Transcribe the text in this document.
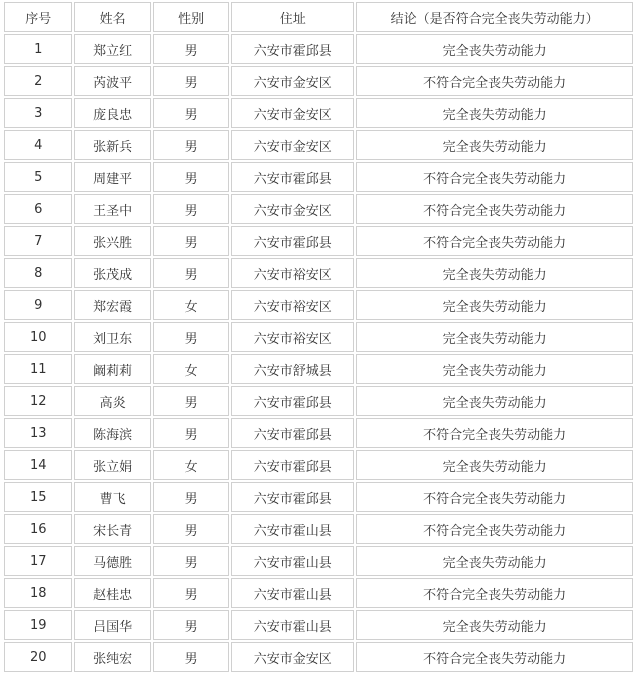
序号	姓名	性别	住址	结论（是否符合完全丧失劳动能力）
1	郑立红	男	六安市霍邱县	完全丧失劳动能力
2	芮波平	男	六安市金安区	不符合完全丧失劳动能力
3	庞良忠	男	六安市金安区	完全丧失劳动能力
4	张新兵	男	六安市金安区	完全丧失劳动能力
5	周建平	男	六安市霍邱县	不符合完全丧失劳动能力
6	王圣中	男	六安市金安区	不符合完全丧失劳动能力
7	张兴胜	男	六安市霍邱县	不符合完全丧失劳动能力
8	张茂成	男	六安市裕安区	完全丧失劳动能力
9	郑宏霞	女	六安市裕安区	完全丧失劳动能力
10	刘卫东	男	六安市裕安区	完全丧失劳动能力
11	阚莉莉	女	六安市舒城县	完全丧失劳动能力
12	高炎	男	六安市霍邱县	完全丧失劳动能力
13	陈海滨	男	六安市霍邱县	不符合完全丧失劳动能力
14	张立娟	女	六安市霍邱县	完全丧失劳动能力
15	曹飞	男	六安市霍邱县	不符合完全丧失劳动能力
16	宋长青	男	六安市霍山县	不符合完全丧失劳动能力
17	马德胜	男	六安市霍山县	完全丧失劳动能力
18	赵桂忠	男	六安市霍山县	不符合完全丧失劳动能力
19	吕国华	男	六安市霍山县	完全丧失劳动能力
20	张纯宏	男	六安市金安区	不符合完全丧失劳动能力
